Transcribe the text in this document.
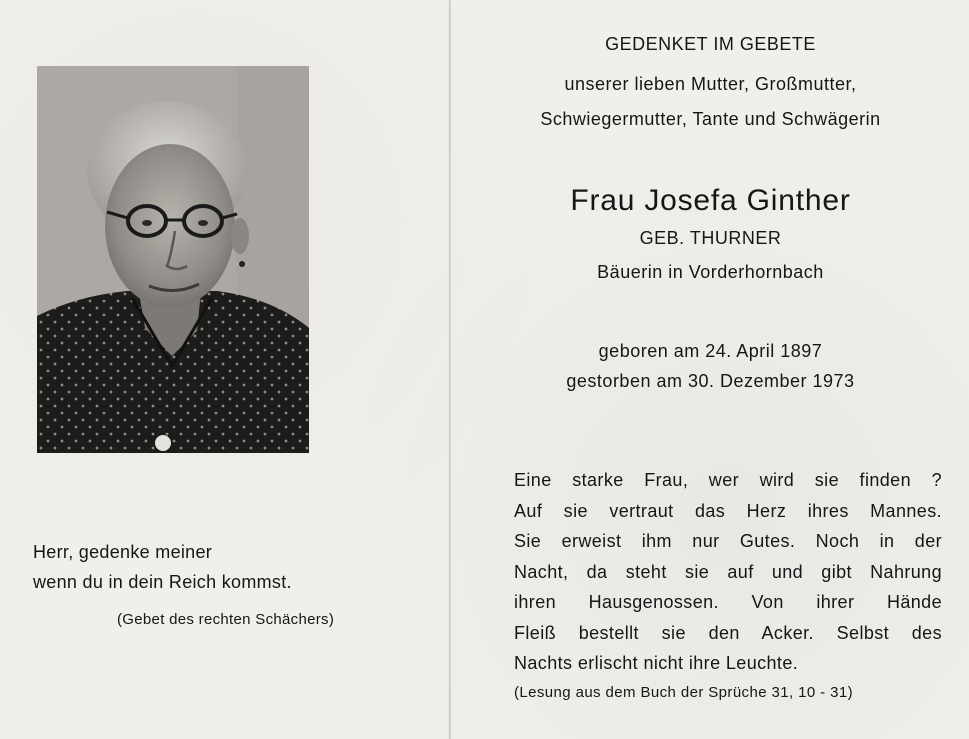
Herr, gedenke meiner
wenn du in dein Reich kommst.
(Gebet des rechten Schächers)
GEDENKET IM GEBETE
unserer lieben Mutter, Großmutter,
Schwiegermutter, Tante und Schwägerin
Frau Josefa Ginther
GEB. THURNER
Bäuerin in Vorderhornbach
geboren am 24. April 1897
gestorben am 30. Dezember 1973
Eine starke Frau, wer wird sie finden ?
Auf sie vertraut das Herz ihres Mannes.
Sie erweist ihm nur Gutes. Noch in der
Nacht, da steht sie auf und gibt Nahrung
ihren Hausgenossen. Von ihrer Hände
Fleiß bestellt sie den Acker. Selbst des
Nachts erlischt nicht ihre Leuchte.
(Lesung aus dem Buch der Sprüche 31, 10 - 31)
